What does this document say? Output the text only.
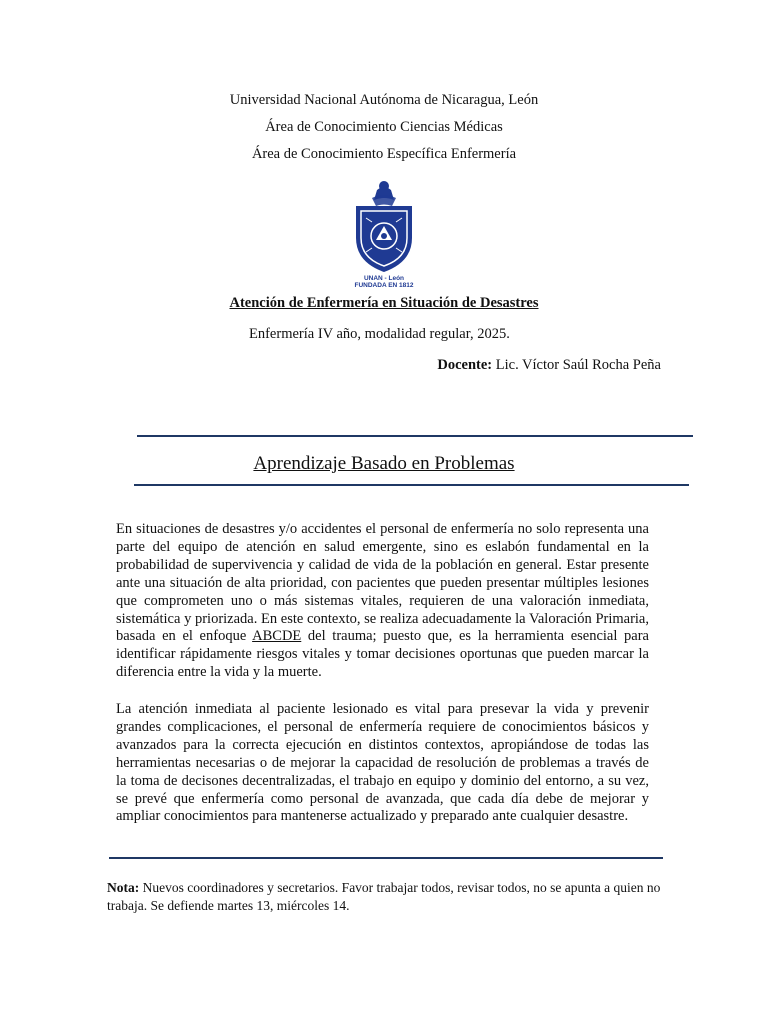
Universidad Nacional Autónoma de Nicaragua, León
Área de Conocimiento Ciencias Médicas
Área de Conocimiento Específica Enfermería
UNAN - León
FUNDADA EN 1812
Atención de Enfermería en Situación de Desastres
Enfermería IV año, modalidad regular, 2025.
Docente: Lic. Víctor Saúl Rocha Peña
Aprendizaje Basado en Problemas

En situaciones de desastres y/o accidentes el personal de enfermería no solo representa una parte del equipo de atención en salud emergente, sino es eslabón fundamental en la probabilidad de supervivencia y calidad de vida de la población en general. Estar presente ante una situación de alta prioridad, con pacientes que pueden presentar múltiples lesiones que comprometen uno o más sistemas vitales, requieren de una valoración inmediata, sistemática y priorizada. En este contexto, se realiza adecuadamente la Valoración Primaria, basada en el enfoque ABCDE del trauma; puesto que, es la herramienta esencial para identificar rápidamente riesgos vitales y tomar decisiones oportunas que pueden marcar la diferencia entre la vida y la muerte.

La atención inmediata al paciente lesionado es vital para presevar la vida y prevenir grandes complicaciones, el personal de enfermería requiere de conocimientos básicos y avanzados para la correcta ejecución en distintos contextos, apropiándose de todas las herramientas necesarias o de mejorar la capacidad de resolución de problemas a través de la toma de decisones decentralizadas, el trabajo en equipo y dominio del entorno, a su vez, se prevé que enfermería como personal de avanzada, que cada día debe de mejorar y ampliar conocimientos para mantenerse actualizado y preparado ante cualquier desastre.

Nota: Nuevos coordinadores y secretarios. Favor trabajar todos, revisar todos, no se apunta a quien no trabaja. Se defiende martes 13, miércoles 14.
